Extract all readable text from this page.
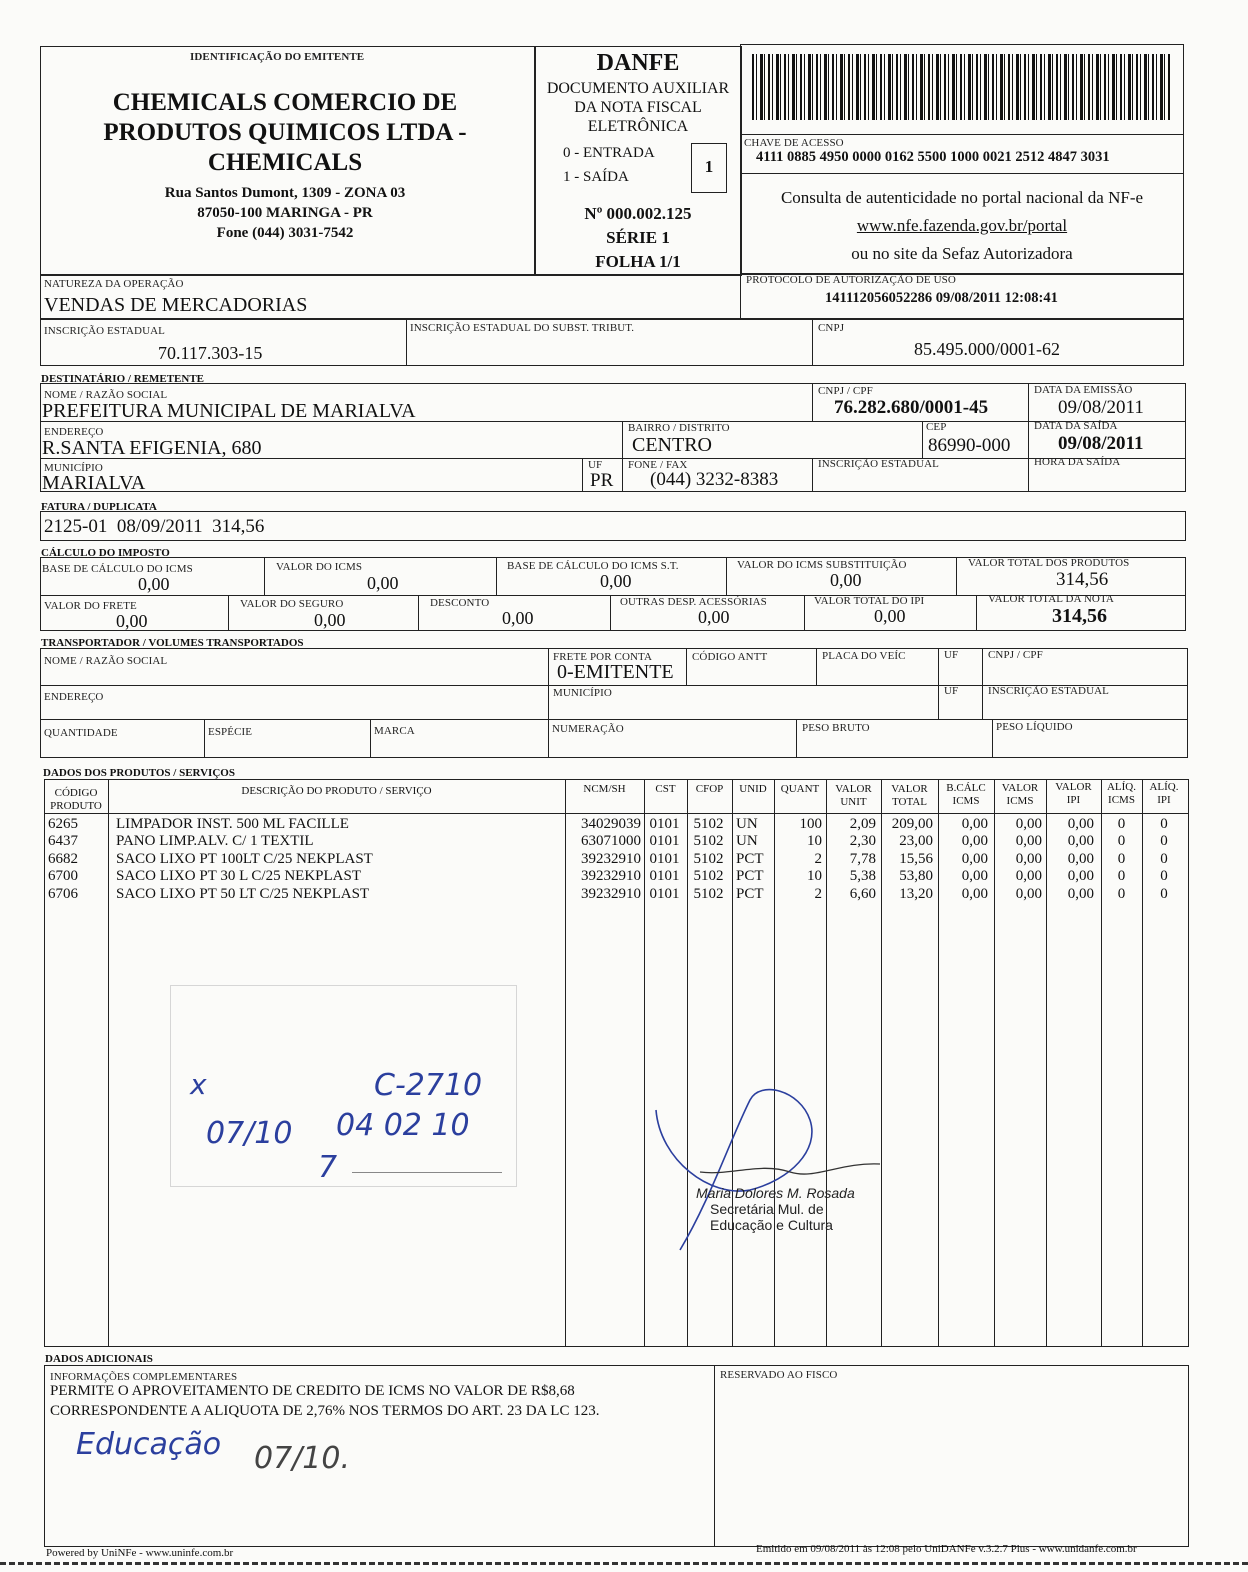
IDENTIFICAÇÃO DO EMITENTE
CHEMICALS COMERCIO DE
PRODUTOS QUIMICOS LTDA -
CHEMICALS
Rua Santos Dumont, 1309 - ZONA 03
87050-100 MARINGA - PR
Fone (044) 3031-7542
DANFE
DOCUMENTO AUXILIAR
DA NOTA FISCAL
ELETRÔNICA
0 - ENTRADA
1 - SAÍDA
1
Nº 000.002.125
SÉRIE 1
FOLHA 1/1
CHAVE DE ACESSO
4111 0885 4950 0000 0162 5500 1000 0021 2512 4847 3031
Consulta de autenticidade no portal nacional da NF-e
www.nfe.fazenda.gov.br/portal
ou no site da Sefaz Autorizadora
NATUREZA DA OPERAÇÃO
VENDAS DE MERCADORIAS
PROTOCOLO DE AUTORIZAÇÃO DE USO
141112056052286 09/08/2011 12:08:41
INSCRIÇÃO ESTADUAL
70.117.303-15
INSCRIÇÃO ESTADUAL DO SUBST. TRIBUT.	CNPJ
85.495.000/0001-62
DESTINATÁRIO / REMETENTE
NOME / RAZÃO SOCIAL
PREFEITURA MUNICIPAL DE MARIALVA
CNPJ / CPF
76.282.680/0001-45
DATA DA EMISSÃO
09/08/2011
ENDEREÇO
R.SANTA EFIGENIA, 680
BAIRRO / DISTRITO
CENTRO
CEP
86990-000
DATA DA SAÍDA
09/08/2011
MUNICÍPIO
MARIALVA
UF
PR
FONE / FAX
(044) 3232-8383
INSCRIÇÃO ESTADUAL	HORA DA SAÍDA
FATURA / DUPLICATA
2125-01  08/09/2011  314,56
CÁLCULO DO IMPOSTO
BASE DE CÁLCULO DO ICMS
0,00
VALOR DO ICMS
0,00
BASE DE CÁLCULO DO ICMS S.T.
0,00
VALOR DO ICMS SUBSTITUIÇÃO
0,00
VALOR TOTAL DOS PRODUTOS
314,56
VALOR DO FRETE
0,00
VALOR DO SEGURO
0,00
DESCONTO
0,00
OUTRAS DESP. ACESSÓRIAS
0,00
VALOR TOTAL DO IPI
0,00
VALOR TOTAL DA NOTA
314,56
TRANSPORTADOR / VOLUMES TRANSPORTADOS
NOME / RAZÃO SOCIAL	FRETE POR CONTA
0-EMITENTE
CÓDIGO ANTT	PLACA DO VEÍC	UF	CNPJ / CPF
ENDEREÇO	MUNICÍPIO	UF	INSCRIÇÃO ESTADUAL
QUANTIDADE	ESPÉCIE	MARCA	NUMERAÇÃO	PESO BRUTO	PESO LÍQUIDO
DADOS DOS PRODUTOS / SERVIÇOS
CÓDIGO
PRODUTO
DESCRIÇÃO DO PRODUTO / SERVIÇO	NCM/SH	CST	CFOP	UNID	QUANT	VALOR
UNIT
VALOR
TOTAL
B.CÁLC
ICMS
VALOR
ICMS
VALOR
IPI
ALÍQ.
ICMS
ALÍQ.
IPI
6265	LIMPADOR INST. 500 ML FACILLE	34029039 0101 5102 UN	100	2,09	209,00	0,00	0,00	0,00	0	0
6437	PANO LIMP.ALV. C/ 1 TEXTIL	63071000 0101 5102 UN	10	2,30	23,00	0,00	0,00	0,00	0	0
6682	SACO LIXO PT 100LT C/25 NEKPLAST	39232910 0101 5102 PCT	2	7,78	15,56	0,00	0,00	0,00	0	0
6700	SACO LIXO PT 30 L C/25 NEKPLAST	39232910 0101 5102 PCT	10	5,38	53,80	0,00	0,00	0,00	0	0
6706	SACO LIXO PT 50 LT C/25 NEKPLAST	39232910 0101 5102 PCT	2	6,60	13,20	0,00	0,00	0,00	0	0
x	C-2710
07/10 04 02 10
7
Maria Dolores M. Rosada
Secretária Mul. de
Educação e Cultura
DADOS ADICIONAIS
INFORMAÇÕES COMPLEMENTARES
PERMITE O APROVEITAMENTO DE CREDITO DE ICMS NO VALOR DE R$8,68
CORRESPONDENTE A ALIQUOTA DE 2,76% NOS TERMOS DO ART. 23 DA LC 123.
RESERVADO AO FISCO
Educação 07/10.
Powered by UniNFe - www.uninfe.com.br	Emitido em 09/08/2011 às 12:08 pelo UniDANFe v.3.2.7 Plus - www.unidanfe.com.br
